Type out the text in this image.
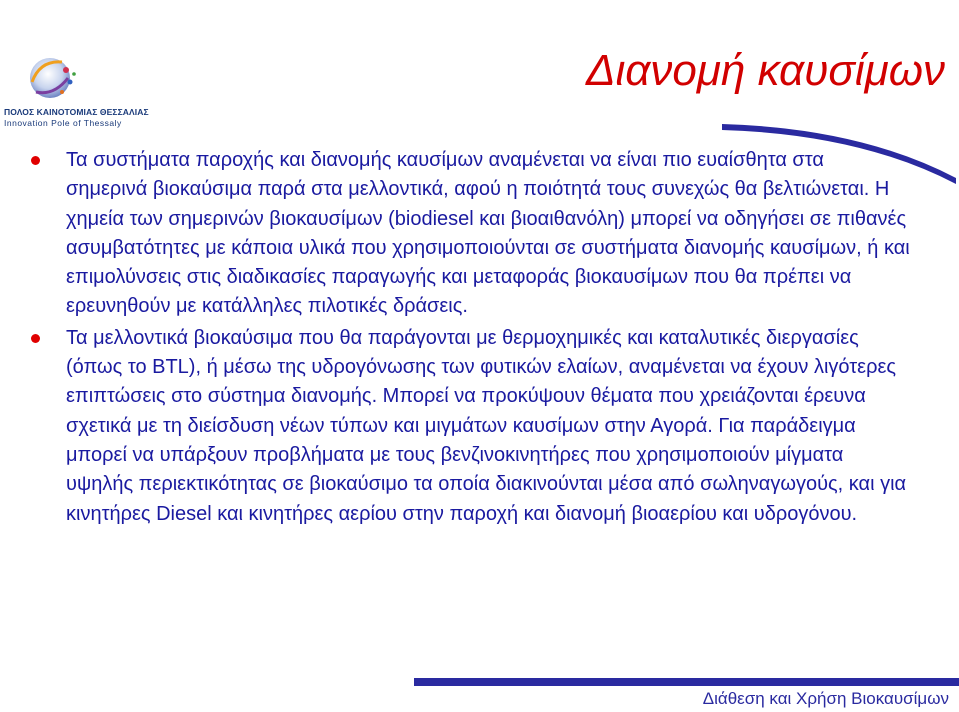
ΠΟΛΟΣ ΚΑΙΝΟΤΟΜΙΑΣ ΘΕΣΣΑΛΙΑΣ
Innovation Pole of Thessaly
Διανομή καυσίμων
Τα συστήματα παροχής και διανομής καυσίμων αναμένεται να είναι πιο ευαίσθητα στα σημερινά βιοκαύσιμα παρά στα μελλοντικά, αφού η ποιότητά τους συνεχώς θα βελτιώνεται. Η χημεία των σημερινών βιοκαυσίμων (biodiesel και βιοαιθανόλη) μπορεί να οδηγήσει σε πιθανές ασυμβατότητες με κάποια υλικά που χρησιμοποιούνται σε συστήματα διανομής καυσίμων, ή και επιμολύνσεις στις διαδικασίες παραγωγής και μεταφοράς βιοκαυσίμων που θα πρέπει να ερευνηθούν με κατάλληλες πιλοτικές δράσεις.
Τα μελλοντικά βιοκαύσιμα που θα παράγονται με θερμοχημικές και καταλυτικές διεργασίες (όπως το BTL), ή μέσω της υδρογόνωσης των φυτικών ελαίων, αναμένεται να έχουν λιγότερες επιπτώσεις στο σύστημα διανομής. Μπορεί να προκύψουν θέματα που χρειάζονται έρευνα σχετικά με τη διείσδυση νέων τύπων και μιγμάτων καυσίμων στην Αγορά. Για παράδειγμα μπορεί να υπάρξουν προβλήματα με τους βενζινοκινητήρες που χρησιμοποιούν μίγματα υψηλής περιεκτικότητας σε βιοκαύσιμο τα οποία διακινούνται μέσα από σωληναγωγούς, και για κινητήρες Diesel και κινητήρες αερίου στην παροχή και διανομή βιοαερίου και υδρογόνου.
Διάθεση και Χρήση Βιοκαυσίμων
